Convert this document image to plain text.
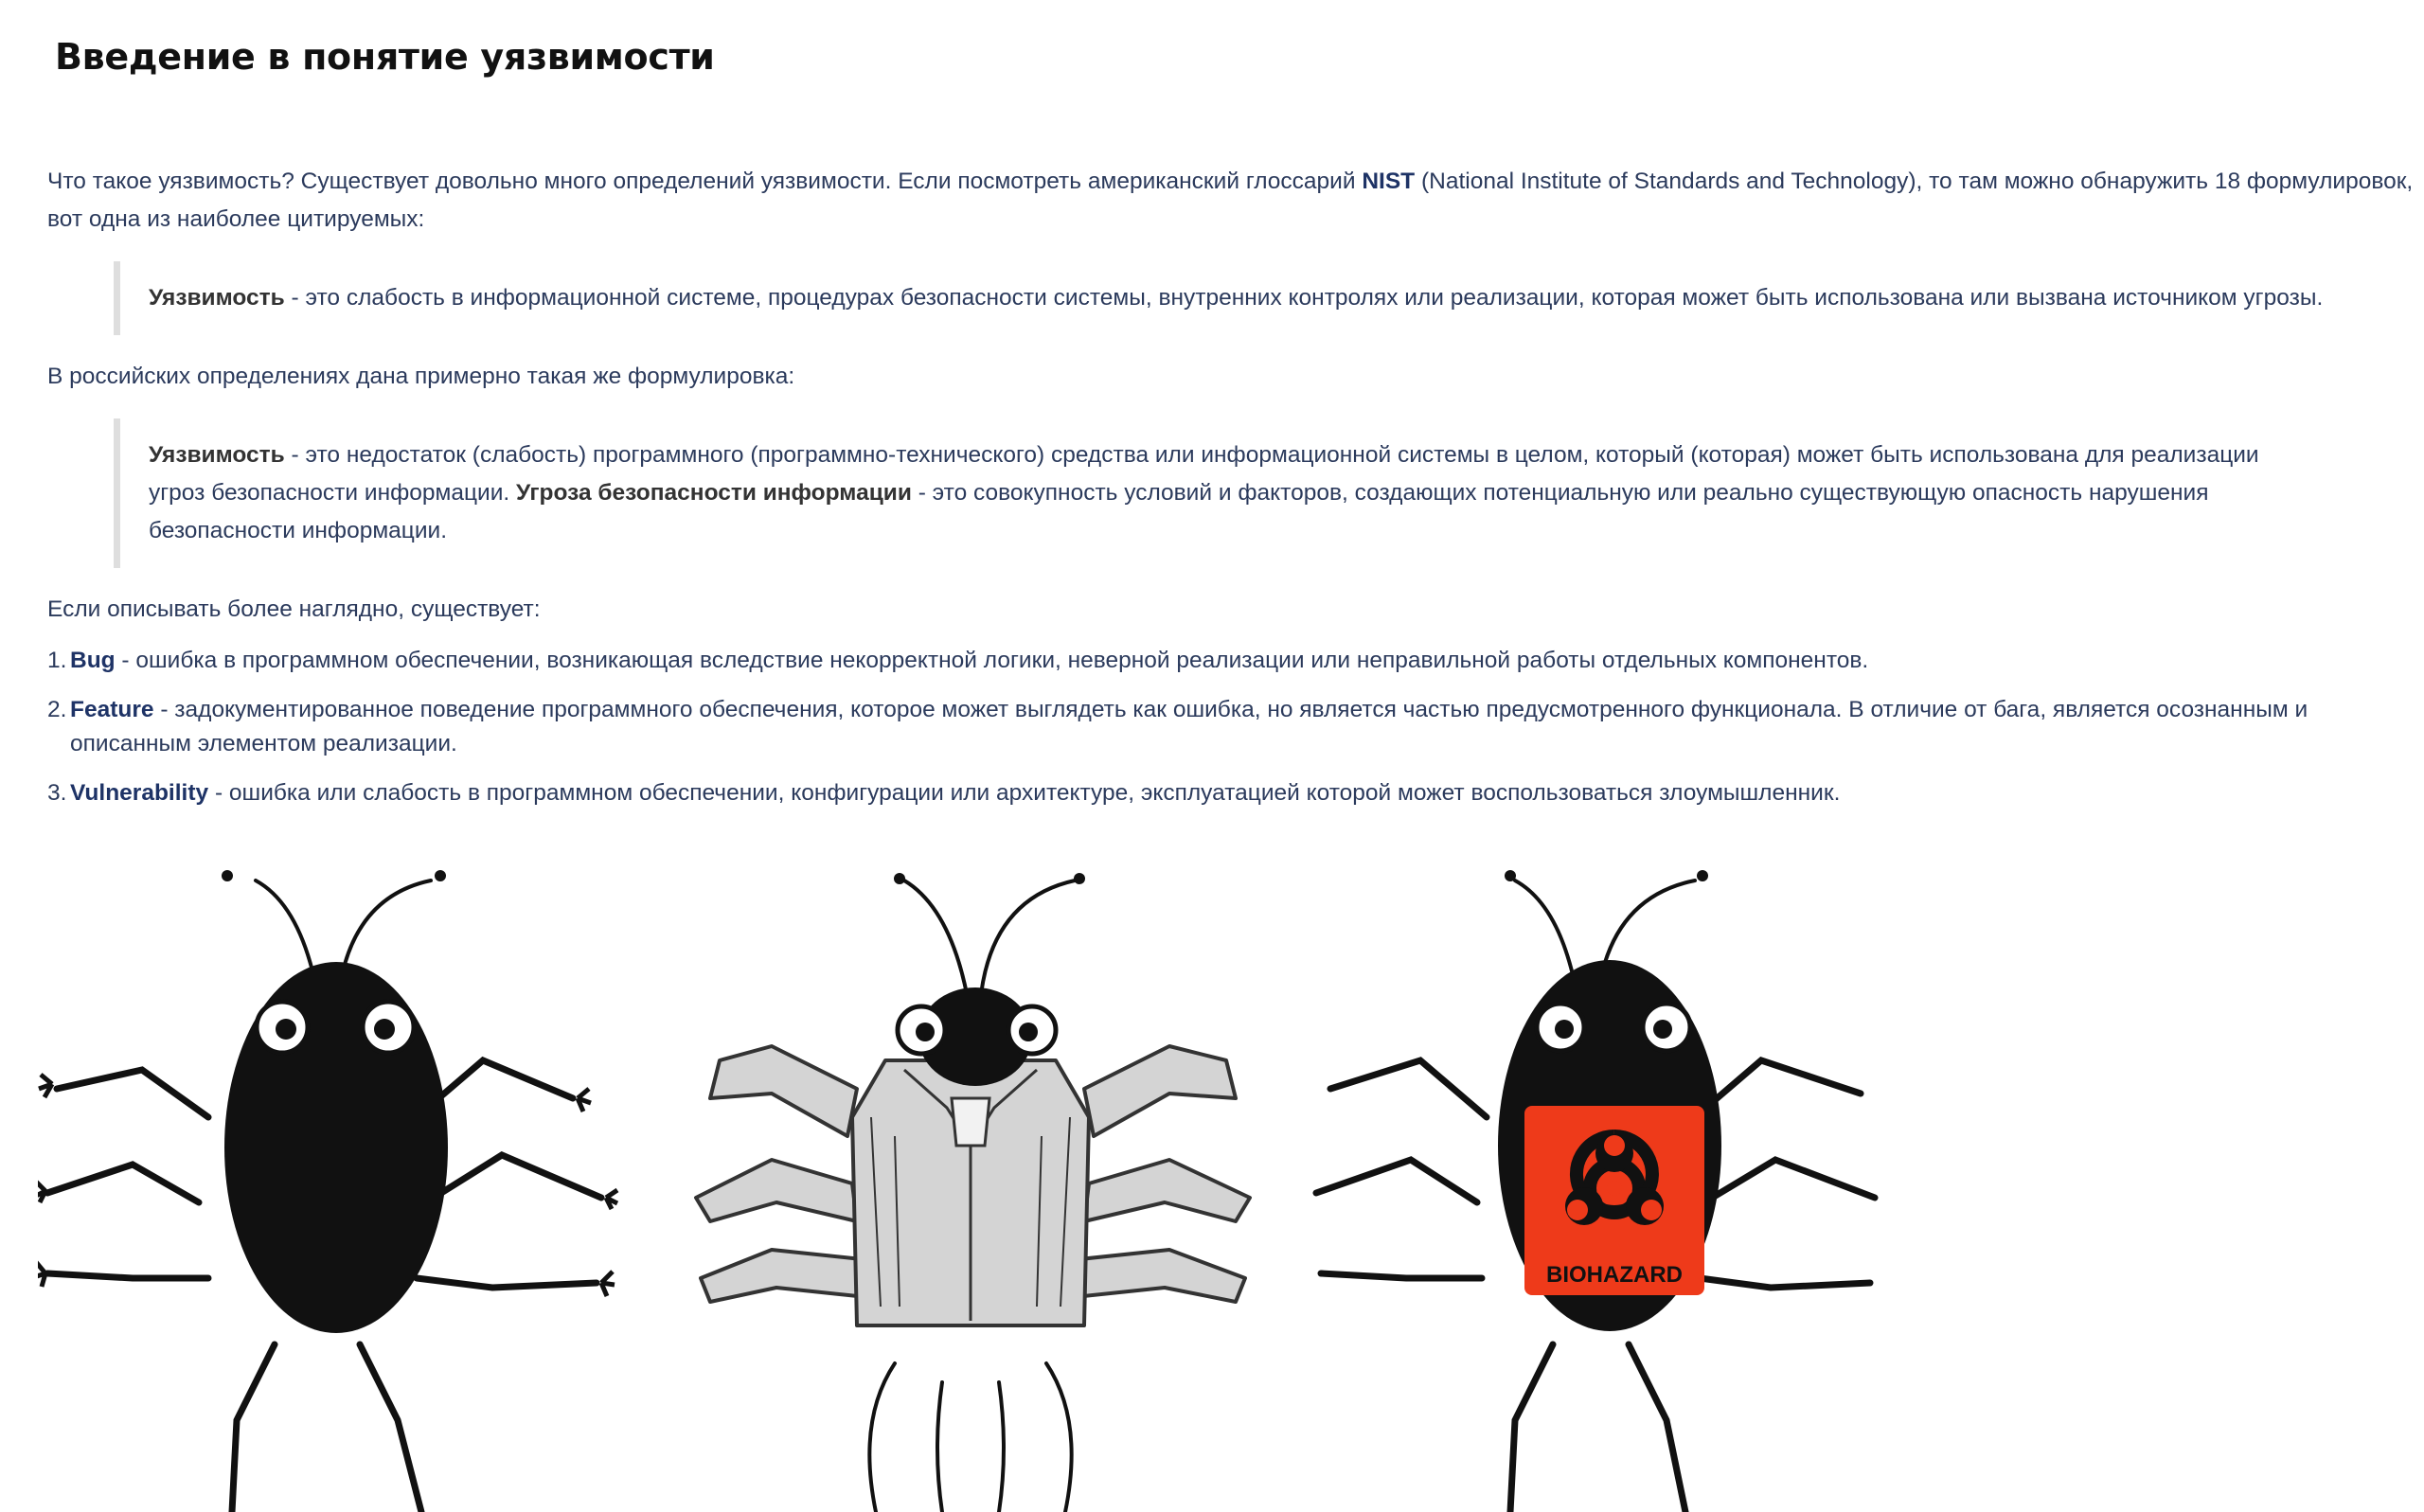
Введение в понятие уязвимости

Что такое уязвимость? Существует довольно много определений уязвимости. Если посмотреть американский глоссарий NIST (National Institute of Standards and Technology), то там можно обнаружить 18 формулировок, вот одна из наиболее цитируемых:

Уязвимость - это слабость в информационной системе, процедурах безопасности системы, внутренних контролях или реализации, которая может быть использована или вызвана источником угрозы.

В российских определениях дана примерно такая же формулировка:

Уязвимость - это недостаток (слабость) программного (программно-технического) средства или информационной системы в целом, который (которая) может быть использована для реализации угроз безопасности информации. Угроза безопасности информации - это совокупность условий и факторов, создающих потенциальную или реально существующую опасность нарушения безопасности информации.

Если описывать более наглядно, существует:

1. Bug - ошибка в программном обеспечении, возникающая вследствие некорректной логики, неверной реализации или неправильной работы отдельных компонентов.
2. Feature - задокументированное поведение программного обеспечения, которое может выглядеть как ошибка, но является частью предусмотренного функционала. В отличие от бага, является осознанным и описанным элементом реализации.
3. Vulnerability - ошибка или слабость в программном обеспечении, конфигурации или архитектуре, эксплуатацией которой может воспользоваться злоумышленник.
BIOHAZARD
